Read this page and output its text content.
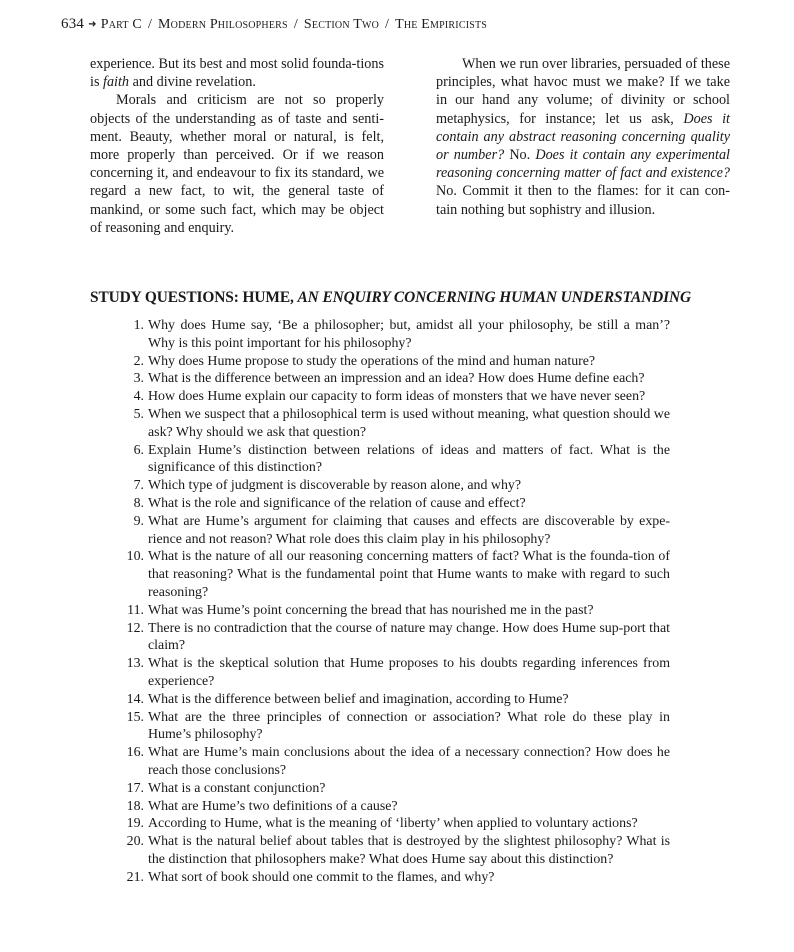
634 ➜ Part C / Modern Philosophers / Section Two / The Empiricists

experience. But its best and most solid founda-tions is faith and divine revelation.

Morals and criticism are not so properly objects of the understanding as of taste and senti-ment. Beauty, whether moral or natural, is felt, more properly than perceived. Or if we reason concerning it, and endeavour to fix its standard, we regard a new fact, to wit, the general taste of mankind, or some such fact, which may be object of reasoning and enquiry.

When we run over libraries, persuaded of these principles, what havoc must we make? If we take in our hand any volume; of divinity or school metaphysics, for instance; let us ask, Does it contain any abstract reasoning concerning quality or number? No. Does it contain any experimental reasoning concerning matter of fact and existence? No. Commit it then to the flames: for it can con-tain nothing but sophistry and illusion.

STUDY QUESTIONS: HUME, AN ENQUIRY CONCERNING HUMAN UNDERSTANDING
1. Why does Hume say, ‘Be a philosopher; but, amidst all your philosophy, be still a man’? Why is this point important for his philosophy?
2. Why does Hume propose to study the operations of the mind and human nature?
3. What is the difference between an impression and an idea? How does Hume define each?
4. How does Hume explain our capacity to form ideas of monsters that we have never seen?
5. When we suspect that a philosophical term is used without meaning, what question should we ask? Why should we ask that question?
6. Explain Hume’s distinction between relations of ideas and matters of fact. What is the significance of this distinction?
7. Which type of judgment is discoverable by reason alone, and why?
8. What is the role and significance of the relation of cause and effect?
9. What are Hume’s argument for claiming that causes and effects are discoverable by expe-rience and not reason? What role does this claim play in his philosophy?
10. What is the nature of all our reasoning concerning matters of fact? What is the founda-tion of that reasoning? What is the fundamental point that Hume wants to make with regard to such reasoning?
11. What was Hume’s point concerning the bread that has nourished me in the past?
12. There is no contradiction that the course of nature may change. How does Hume sup-port that claim?
13. What is the skeptical solution that Hume proposes to his doubts regarding inferences from experience?
14. What is the difference between belief and imagination, according to Hume?
15. What are the three principles of connection or association? What role do these play in Hume’s philosophy?
16. What are Hume’s main conclusions about the idea of a necessary connection? How does he reach those conclusions?
17. What is a constant conjunction?
18. What are Hume’s two definitions of a cause?
19. According to Hume, what is the meaning of ‘liberty’ when applied to voluntary actions?
20. What is the natural belief about tables that is destroyed by the slightest philosophy? What is the distinction that philosophers make? What does Hume say about this distinction?
21. What sort of book should one commit to the flames, and why?
